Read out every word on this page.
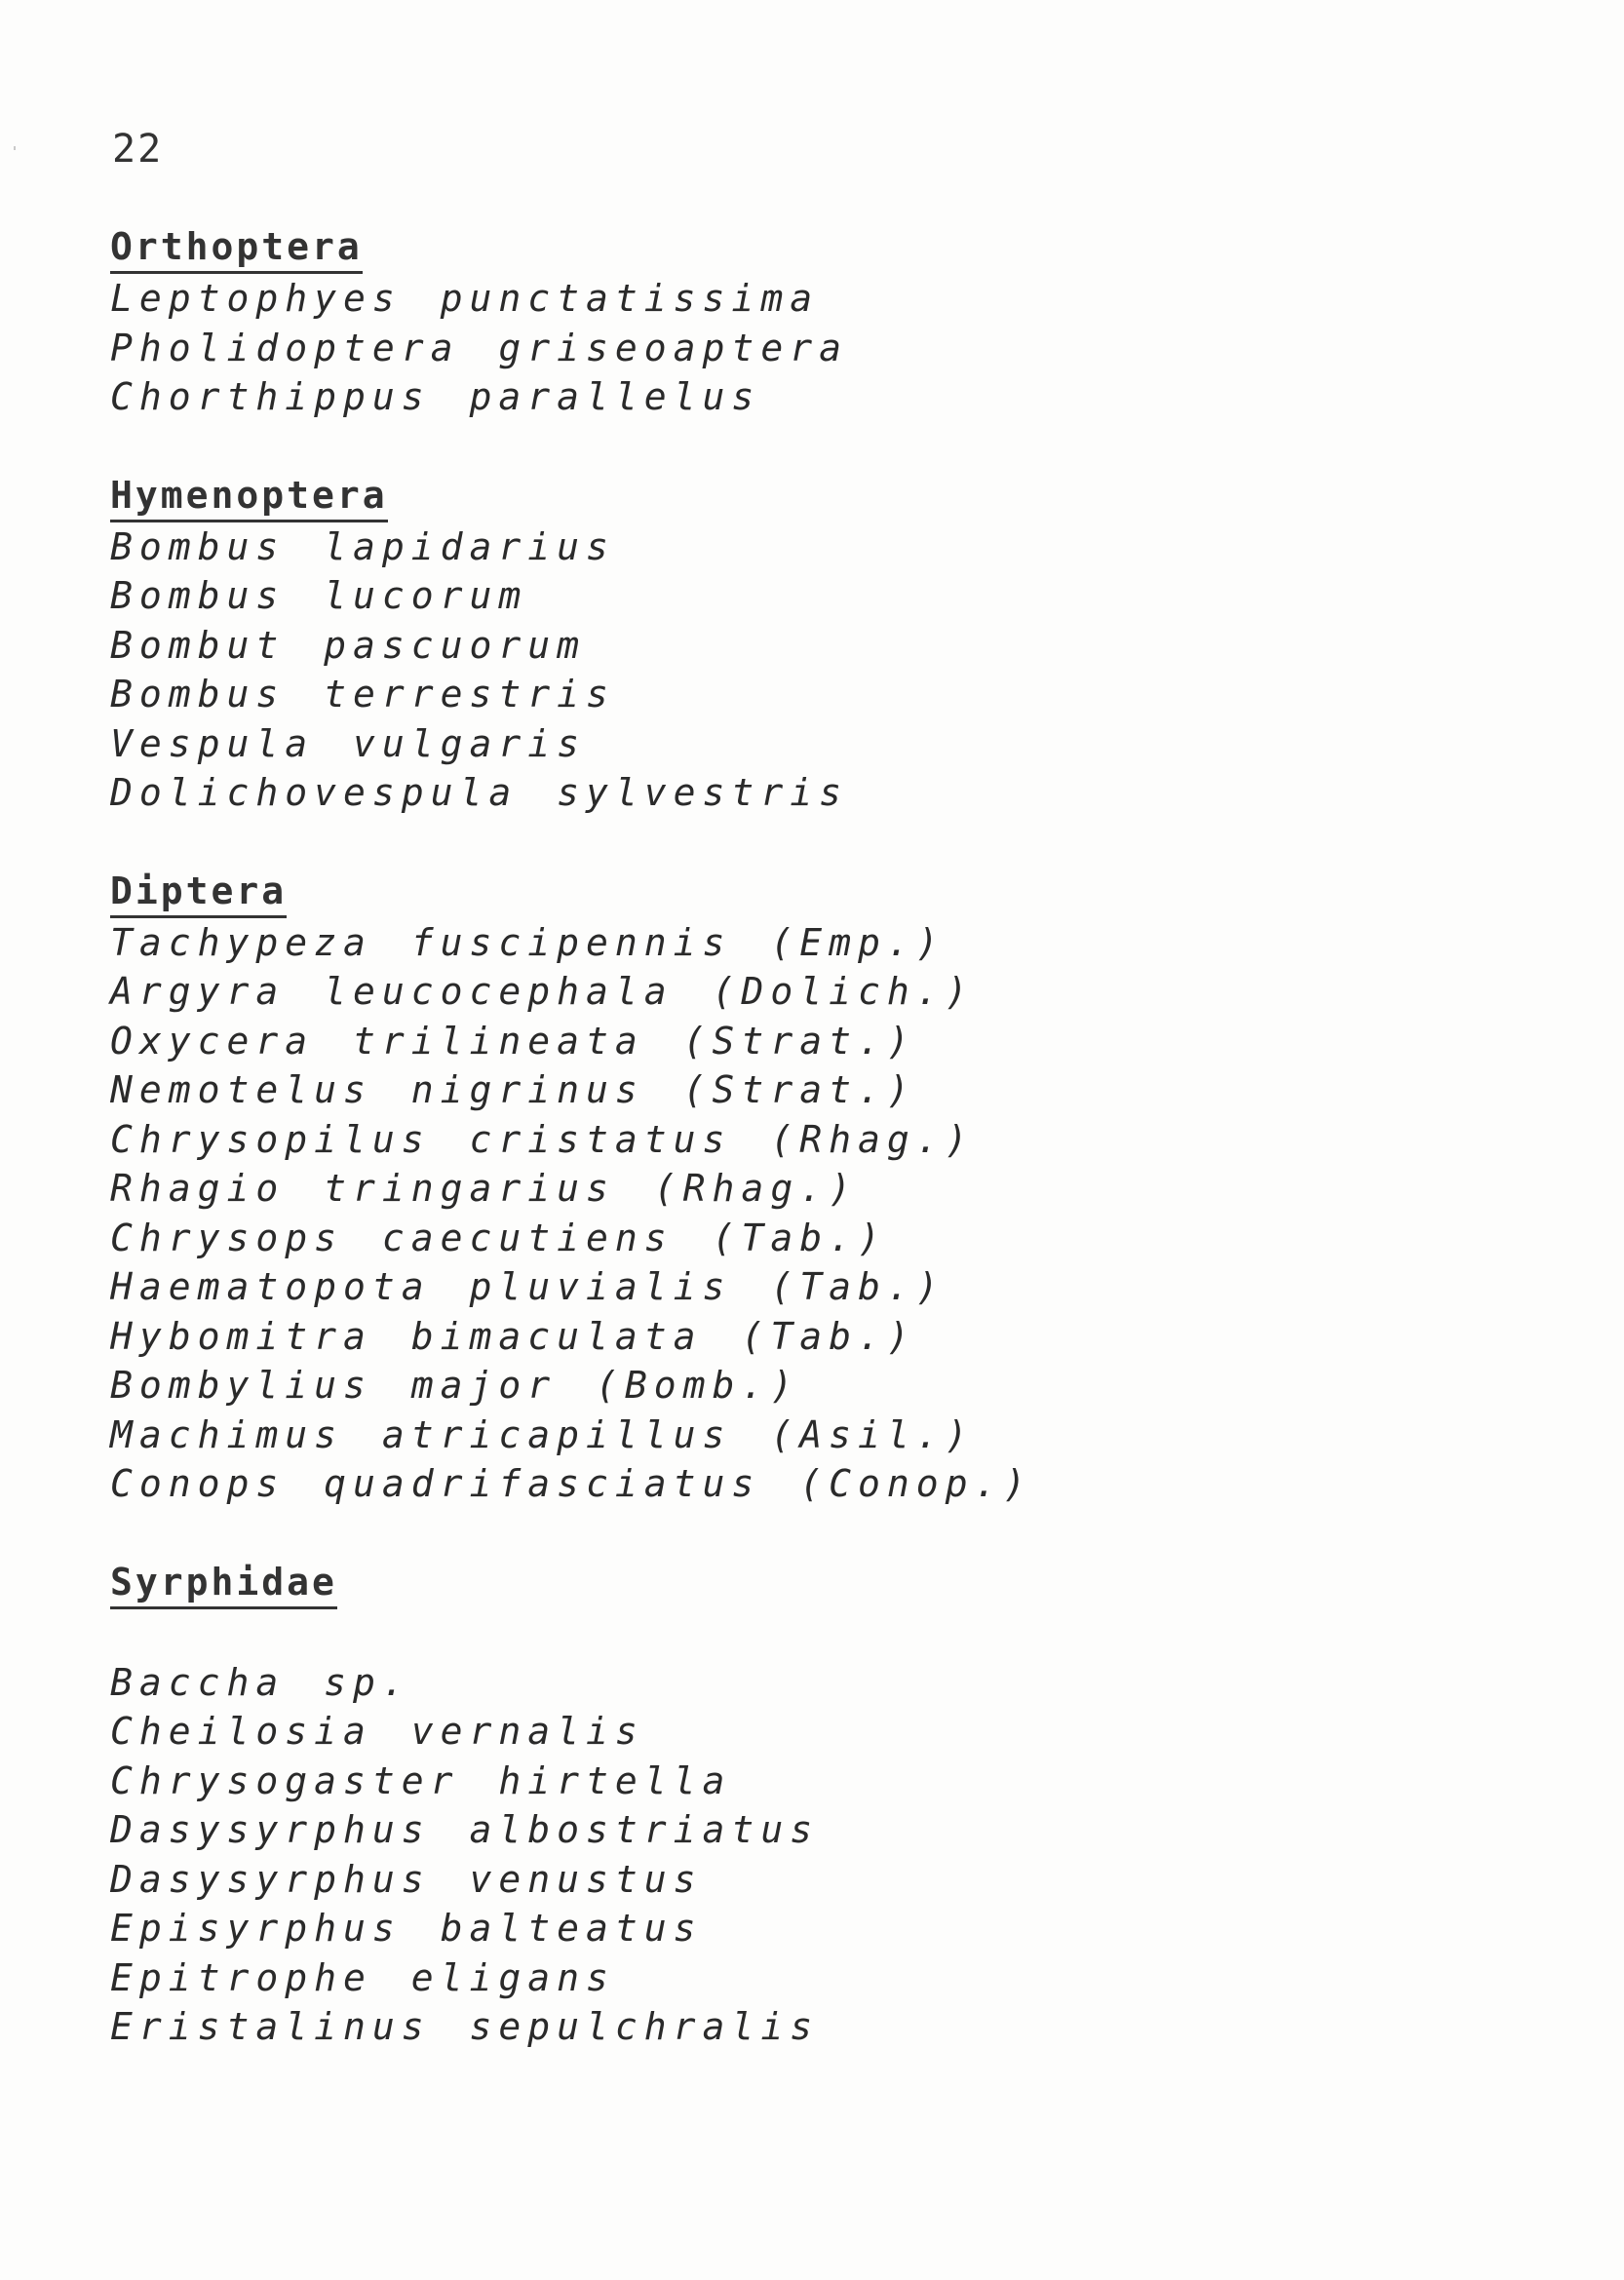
22
Orthoptera
Leptophyes punctatissima
Pholidoptera griseoaptera
Chorthippus parallelus
Hymenoptera
Bombus lapidarius
Bombus lucorum
Bombut pascuorum
Bombus terrestris
Vespula vulgaris
Dolichovespula sylvestris
Diptera
Tachypeza fuscipennis (Emp.)
Argyra leucocephala (Dolich.)
Oxycera trilineata (Strat.)
Nemotelus nigrinus (Strat.)
Chrysopilus cristatus (Rhag.)
Rhagio tringarius (Rhag.)
Chrysops caecutiens (Tab.)
Haematopota pluvialis (Tab.)
Hybomitra bimaculata (Tab.)
Bombylius major (Bomb.)
Machimus atricapillus (Asil.)
Conops quadrifasciatus (Conop.)
Syrphidae
Baccha sp.
Cheilosia vernalis
Chrysogaster hirtella
Dasysyrphus albostriatus
Dasysyrphus venustus
Episyrphus balteatus
Epitrophe eligans
Eristalinus sepulchralis
